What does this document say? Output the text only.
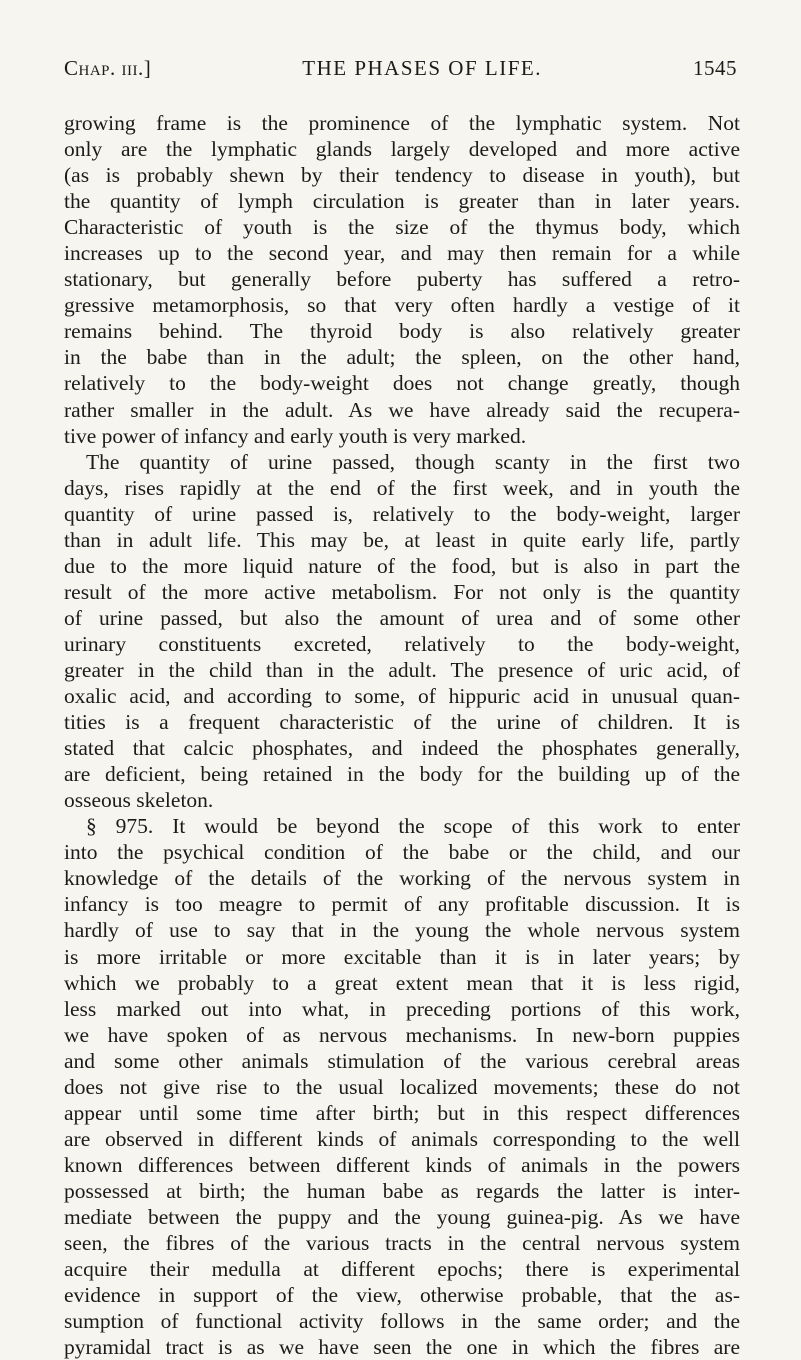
Chap. iii.]	THE PHASES OF LIFE.	1545
growing frame is the prominence of the lymphatic system. Not
only are the lymphatic glands largely developed and more active
(as is probably shewn by their tendency to disease in youth), but
the quantity of lymph circulation is greater than in later years.
Characteristic of youth is the size of the thymus body, which
increases up to the second year, and may then remain for a while
stationary, but generally before puberty has suffered a retro-
gressive metamorphosis, so that very often hardly a vestige of it
remains behind. The thyroid body is also relatively greater
in the babe than in the adult; the spleen, on the other hand,
relatively to the body-weight does not change greatly, though
rather smaller in the adult. As we have already said the recupera-
tive power of infancy and early youth is very marked.
The quantity of urine passed, though scanty in the first two
days, rises rapidly at the end of the first week, and in youth the
quantity of urine passed is, relatively to the body-weight, larger
than in adult life. This may be, at least in quite early life, partly
due to the more liquid nature of the food, but is also in part the
result of the more active metabolism. For not only is the quantity
of urine passed, but also the amount of urea and of some other
urinary constituents excreted, relatively to the body-weight,
greater in the child than in the adult. The presence of uric acid, of
oxalic acid, and according to some, of hippuric acid in unusual quan-
tities is a frequent characteristic of the urine of children. It is
stated that calcic phosphates, and indeed the phosphates generally,
are deficient, being retained in the body for the building up of the
osseous skeleton.
§ 975. It would be beyond the scope of this work to enter
into the psychical condition of the babe or the child, and our
knowledge of the details of the working of the nervous system in
infancy is too meagre to permit of any profitable discussion. It is
hardly of use to say that in the young the whole nervous system
is more irritable or more excitable than it is in later years; by
which we probably to a great extent mean that it is less rigid,
less marked out into what, in preceding portions of this work,
we have spoken of as nervous mechanisms. In new-born puppies
and some other animals stimulation of the various cerebral areas
does not give rise to the usual localized movements; these do not
appear until some time after birth; but in this respect differences
are observed in different kinds of animals corresponding to the well
known differences between different kinds of animals in the powers
possessed at birth; the human babe as regards the latter is inter-
mediate between the puppy and the young guinea-pig. As we have
seen, the fibres of the various tracts in the central nervous system
acquire their medulla at different epochs; there is experimental
evidence in support of the view, otherwise probable, that the as-
sumption of functional activity follows in the same order; and the
pyramidal tract is as we have seen the one in which the fibres are
